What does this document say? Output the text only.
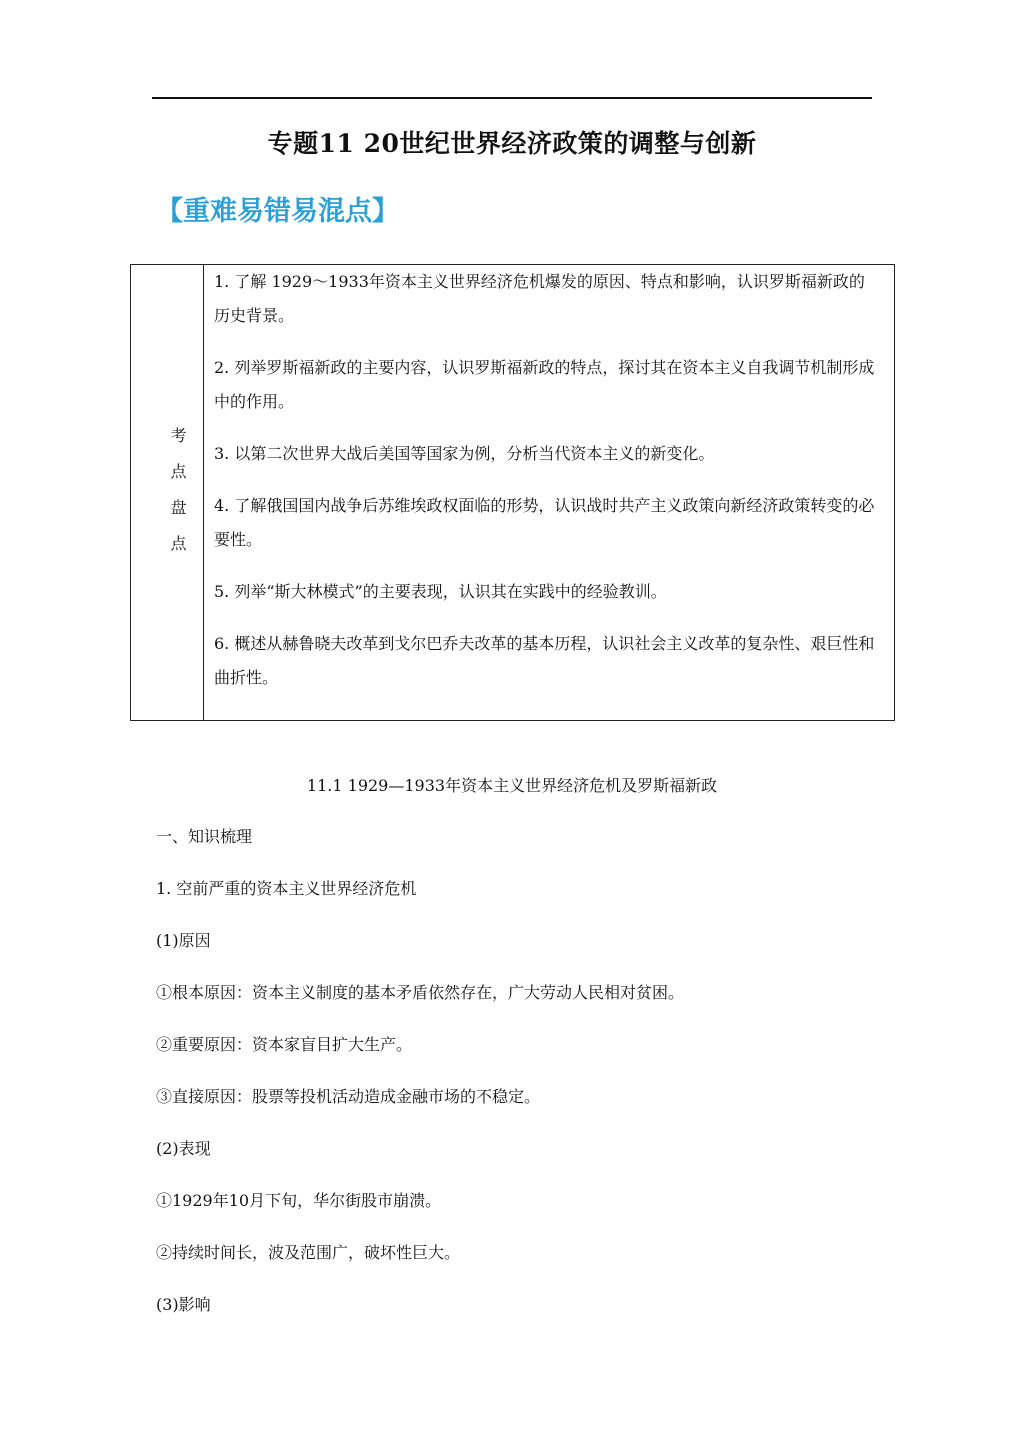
专题11 20世纪世界经济政策的调整与创新
【重难易错易混点】
考点盘点

1. 了解 1929～1933年资本主义世界经济危机爆发的原因、特点和影响，认识罗斯福新政的历史背景。

2. 列举罗斯福新政的主要内容，认识罗斯福新政的特点，探讨其在资本主义自我调节机制形成中的作用。

3. 以第二次世界大战后美国等国家为例，分析当代资本主义的新变化。

4. 了解俄国国内战争后苏维埃政权面临的形势，认识战时共产主义政策向新经济政策转变的必要性。

5. 列举“斯大林模式”的主要表现，认识其在实践中的经验教训。

6. 概述从赫鲁晓夫改革到戈尔巴乔夫改革的基本历程，认识社会主义改革的复杂性、艰巨性和曲折性。

11.1 1929—1933年资本主义世界经济危机及罗斯福新政

一、知识梳理

1. 空前严重的资本主义世界经济危机

(1)原因

①根本原因：资本主义制度的基本矛盾依然存在，广大劳动人民相对贫困。

②重要原因：资本家盲目扩大生产。

③直接原因：股票等投机活动造成金融市场的不稳定。

(2)表现

①1929年10月下旬，华尔街股市崩溃。

②持续时间长，波及范围广，破坏性巨大。

(3)影响
